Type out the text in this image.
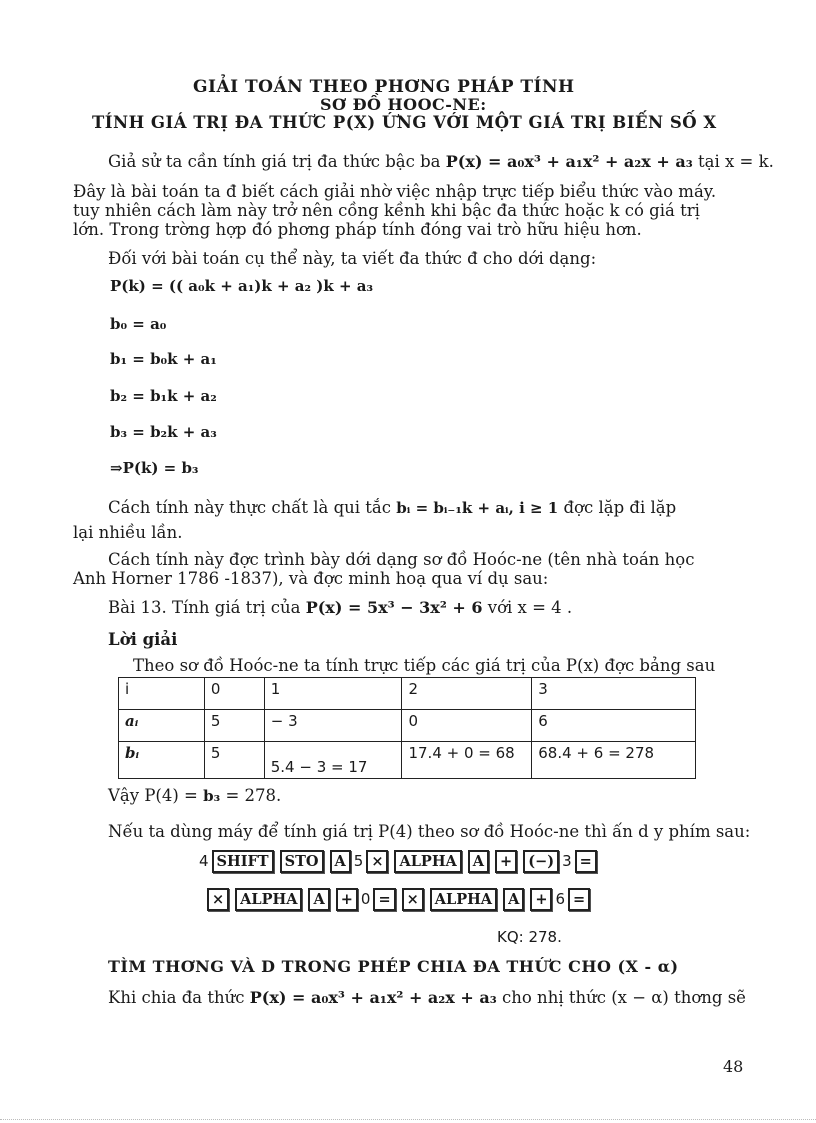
GIẢI TOÁN THEO PHƠNG PHÁP TÍNH
SƠ ĐỒ HOOC-NE:
TÍNH GIÁ TRỊ ĐA THỨC P(X) ỨNG VỚI MỘT GIÁ TRỊ BIẾN SỐ X
Giả sử ta cần tính giá trị đa thức bậc ba P(x) = a₀x³ + a₁x² + a₂x + a₃ tại x = k.
Đây là bài toán ta đ biết cách giải nhờ việc nhập trực tiếp biểu thức vào máy.
tuy nhiên cách làm này trở nên cồng kềnh khi bậc đa thức hoặc k có giá trị
lớn. Trong trờng hợp đó phơng pháp tính đóng vai trò hữu hiệu hơn.
Đối với bài toán cụ thể này, ta viết đa thức đ cho dới dạng:
P(k) = (( a₀k + a₁)k + a₂ )k + a₃
b₀ = a₀
b₁ = b₀k + a₁
b₂ = b₁k + a₂
b₃ = b₂k + a₃
⇒P(k) = b₃
Cách tính này thực chất là qui tắc bᵢ = bᵢ₋₁k + aᵢ, i ≥ 1 đợc lặp đi lặp
lại nhiều lần.
Cách tính này đợc trình bày dới dạng sơ đồ Hoóc-ne (tên nhà toán học
Anh Horner 1786 -1837), và đợc minh hoạ qua ví dụ sau:
Bài 13. Tính giá trị của P(x) = 5x³ − 3x² + 6 với x = 4 .
Lời giải
Theo sơ đồ Hoóc-ne ta tính trực tiếp các giá trị của P(x) đợc bảng sau
i	0	1	2	3
aᵢ	5	− 3	0	6
bᵢ	5	5.4 − 3 = 17	17.4 + 0 = 68	68.4 + 6 = 278
Vậy P(4) = b₃ = 278.
Nếu ta dùng máy để tính giá trị P(4) theo sơ đồ Hoóc-ne thì ấn d y phím sau:
4 SHIFT STO A 5 × ALPHA A + (−) 3 =
× ALPHA A + 0 = × ALPHA A + 6 =
KQ: 278.
TÌM THƠNG VÀ D TRONG PHÉP CHIA ĐA THỨC CHO (X - α)
Khi chia đa thức P(x) = a₀x³ + a₁x² + a₂x + a₃ cho nhị thức (x − α) thơng sẽ
48
